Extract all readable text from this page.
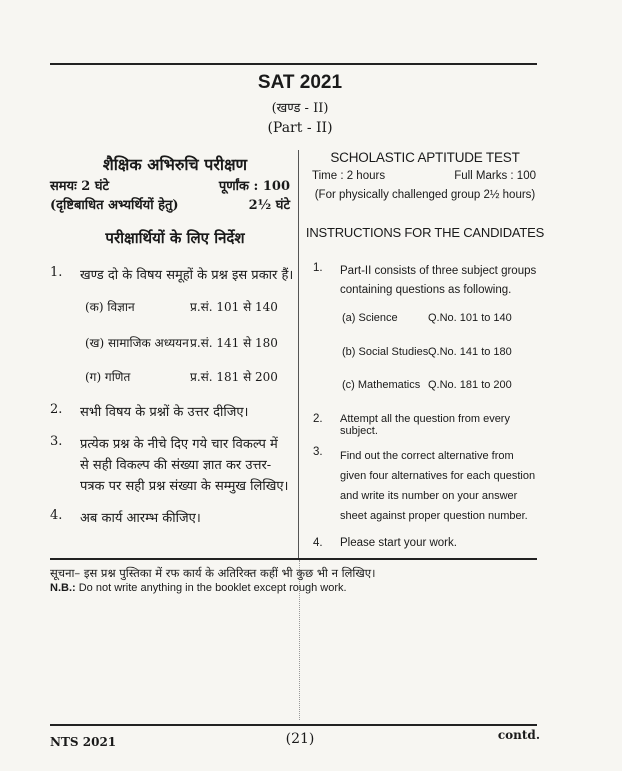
SAT 2021
(खण्ड - II)
(Part - II)
शैक्षिक अभिरुचि परीक्षण
समयः 2 घंटे	पूर्णांक : 100
(दृष्टिबाधित अभ्यर्थियों हेतु)	2½ घंटे
परीक्षार्थियों के लिए निर्देश
1. खण्ड दो के विषय समूहों के प्रश्न इस प्रकार हैं।
(क) विज्ञान	प्र.सं. 101 से 140
(ख) सामाजिक अध्ययन प्र.सं. 141 से 180
(ग) गणित	प्र.सं. 181 से 200
2. सभी विषय के प्रश्नों के उत्तर दीजिए।
3. प्रत्येक प्रश्न के नीचे दिए गये चार विकल्प में से सही विकल्प की संख्या ज्ञात कर उत्तर-पत्रक पर सही प्रश्न संख्या के सम्मुख लिखिए।
4. अब कार्य आरम्भ कीजिए।
SCHOLASTIC APTITUDE TEST
Time : 2 hours	Full Marks : 100
(For physically challenged group 2½ hours)
INSTRUCTIONS FOR THE CANDIDATES
1. Part-II consists of three subject groups containing questions as following.
(a) Science	Q.No. 101 to 140
(b) Social Studies Q.No. 141 to 180
(c) Mathematics Q.No. 181 to 200
2. Attempt all the question from every subject.
3. Find out the correct alternative from given four alternatives for each question and write its number on your answer sheet against proper question number.
4. Please start your work.
सूचना– इस प्रश्न पुस्तिका में रफ कार्य के अतिरिक्त कहीं भी कुछ भी न लिखिए।
N.B.: Do not write anything in the booklet except rough work.
NTS 2021	(21)	contd.
